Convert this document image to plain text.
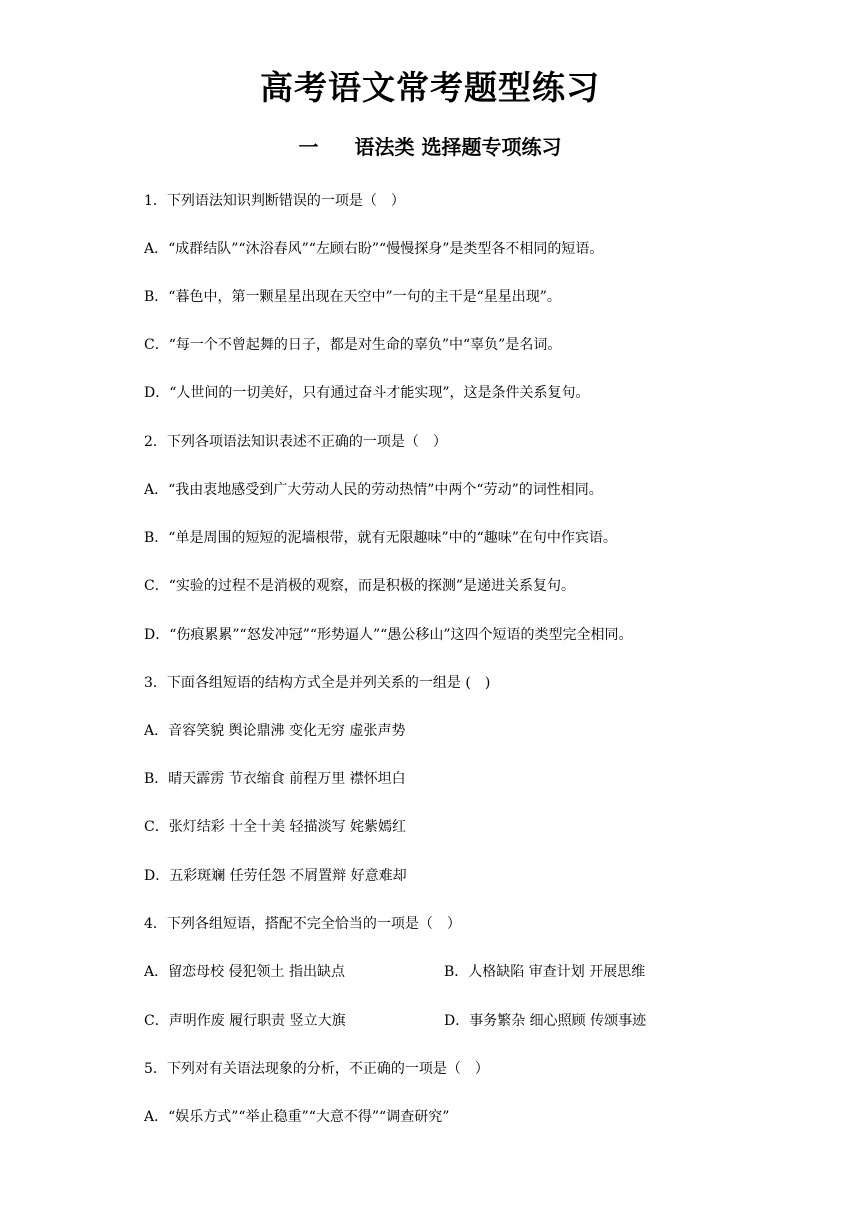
高考语文常考题型练习
一 语法类 选择题专项练习
1．下列语法知识判断错误的一项是（　）
A．“成群结队”“沐浴春风”“左顾右盼”“慢慢探身”是类型各不相同的短语。
B．“暮色中，第一颗星星出现在天空中”一句的主干是“星星出现”。
C．“每一个不曾起舞的日子，都是对生命的辜负”中“辜负”是名词。
D．“人世间的一切美好，只有通过奋斗才能实现”，这是条件关系复句。
2．下列各项语法知识表述不正确的一项是（　）
A．“我由衷地感受到广大劳动人民的劳动热情”中两个“劳动”的词性相同。
B．“单是周围的短短的泥墙根带，就有无限趣味”中的“趣味”在句中作宾语。
C．“实验的过程不是消极的观察，而是积极的探测”是递进关系复句。
D．“伤痕累累”“怒发冲冠”“形势逼人”“愚公移山”这四个短语的类型完全相同。
3．下面各组短语的结构方式全是并列关系的一组是 (　)
A．音容笑貌 舆论鼎沸 变化无穷 虚张声势
B．晴天霹雳 节衣缩食 前程万里 襟怀坦白
C．张灯结彩 十全十美 轻描淡写 姹紫嫣红
D．五彩斑斓 任劳任怨 不屑置辩 好意难却
4．下列各组短语，搭配不完全恰当的一项是（　）
A．留恋母校 侵犯领土 指出缺点	B．人格缺陷 审查计划 开展思维
C．声明作废 履行职责 竖立大旗	D．事务繁杂 细心照顾 传颂事迹
5．下列对有关语法现象的分析，不正确的一项是（　）
A．“娱乐方式”“举止稳重”“大意不得”“调查研究”
